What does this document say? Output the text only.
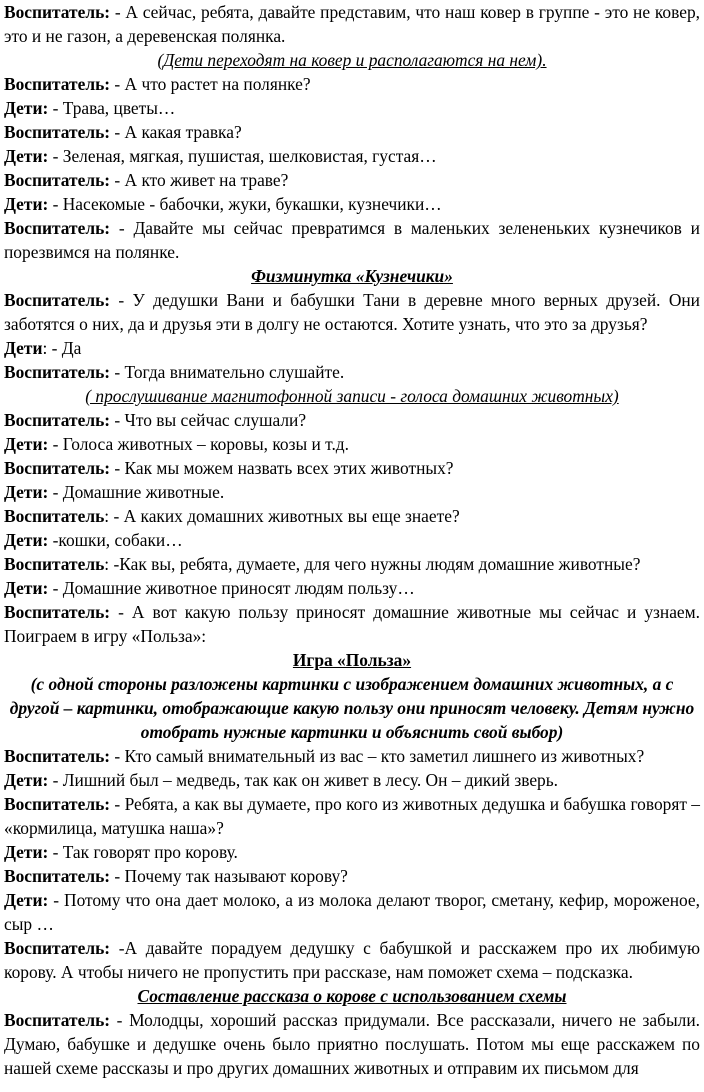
Воспитатель: - А сейчас, ребята, давайте представим, что наш ковер в группе - это не ковер, это и не газон, а деревенская полянка.

(Дети переходят на ковер и располагаются на нем).

Воспитатель: - А что растет на полянке?

Дети: - Трава, цветы…

Воспитатель: - А какая травка?

Дети: - Зеленая, мягкая, пушистая, шелковистая, густая…

Воспитатель: - А кто живет на траве?

Дети: - Насекомые - бабочки, жуки, букашки, кузнечики…

Воспитатель: - Давайте мы сейчас превратимся в маленьких зелененьких кузнечиков и порезвимся на полянке.

Физминутка «Кузнечики»

Воспитатель: - У дедушки Вани и бабушки Тани в деревне много верных друзей. Они заботятся о них, да и друзья эти в долгу не остаются. Хотите узнать, что это за друзья?

Дети: - Да

Воспитатель: - Тогда внимательно слушайте.

( прослушивание магнитофонной записи - голоса домашних животных)

Воспитатель: - Что вы сейчас слушали?

Дети: - Голоса животных – коровы, козы и т.д.

Воспитатель: - Как мы можем назвать всех этих животных?

Дети: - Домашние животные.

Воспитатель: - А каких домашних животных вы еще знаете?

Дети: -кошки, собаки…

Воспитатель: -Как вы, ребята, думаете, для чего нужны людям домашние животные?

Дети: - Домашние животное приносят людям пользу…

Воспитатель: - А вот какую пользу приносят домашние животные мы сейчас и узнаем. Поиграем в игру «Польза»:

Игра «Польза»

(с одной стороны разложены картинки с изображением домашних животных, а с другой – картинки, отображающие какую пользу они приносят человеку. Детям нужно отобрать нужные картинки и объяснить свой выбор)

Воспитатель: - Кто самый внимательный из вас – кто заметил лишнего из животных?

Дети: - Лишний был – медведь, так как он живет в лесу. Он – дикий зверь.

Воспитатель: - Ребята, а как вы думаете, про кого из животных дедушка и бабушка говорят – «кормилица, матушка наша»?

Дети: - Так говорят про корову.

Воспитатель: - Почему так называют корову?

Дети: - Потому что она дает молоко, а из молока делают творог, сметану, кефир, мороженое, сыр …

Воспитатель: -А давайте порадуем дедушку с бабушкой и расскажем про их любимую корову. А чтобы ничего не пропустить при рассказе, нам поможет схема – подсказка.

Составление рассказа о корове с использованием схемы

Воспитатель: - Молодцы, хороший рассказ придумали. Все рассказали, ничего не забыли. Думаю, бабушке и дедушке очень было приятно послушать. Потом мы еще расскажем по нашей схеме рассказы и про других домашних животных и отправим их письмом для
